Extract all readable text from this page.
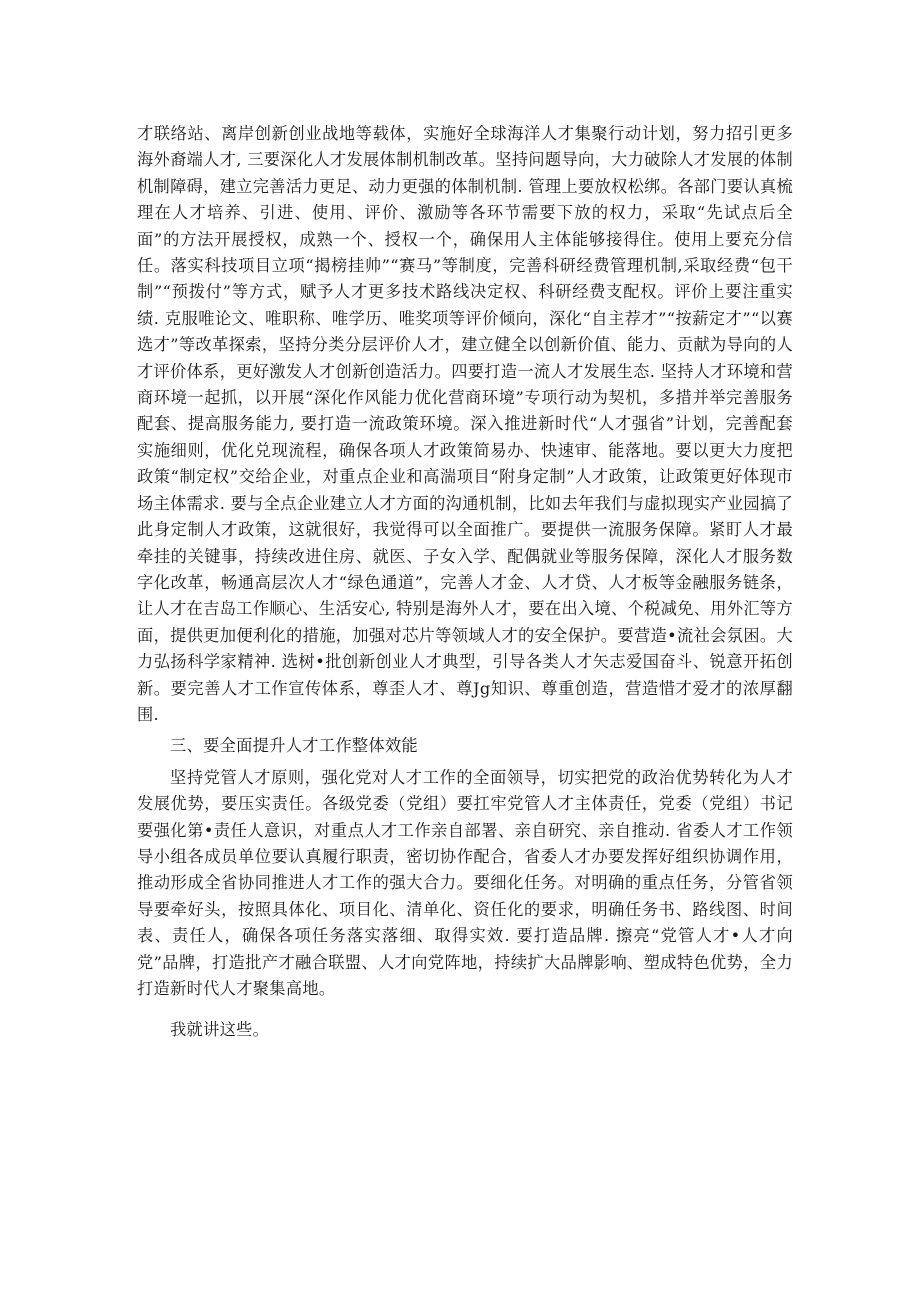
才联络站、离岸创新创业战地等载体，实施好全球海洋人才集聚行动计划，努力招引更多海外裔端人才, 三要深化人才发展体制机制改革。坚持问题导向，大力破除人才发展的体制机制障碍，建立完善活力更足、动力更强的体制机制. 管理上要放权松绑。各部门要认真梳理在人才培养、引进、使用、评价、激励等各环节需要下放的权力，采取“先试点后全面”的方法开展授权，成熟一个、授权一个，确保用人主体能够接得住。使用上要充分信任。落实科技项目立项“揭榜挂帅”“赛马”等制度，完善科研经费管理机制,采取经费“包干制”“预拨付”等方式，赋予人才更多技术路线决定权、科研经费支配权。评价上要注重实绩. 克服唯论文、唯职称、唯学历、唯奖项等评价倾向，深化“自主荐才”“按薪定才”“以赛选才”等改革探索，坚持分类分层评价人才，建立健全以创新价值、能力、贡献为导向的人才评价体系，更好激发人才创新创造活力。四要打造一流人才发展生态. 坚持人才环境和营商环境一起抓，以开展“深化作风能力优化营商环境”专项行动为契机，多措并举完善服务配套、提高服务能力, 要打造一流政策环境。深入推进新时代“人才强省”计划，完善配套实施细则，优化兑现流程，确保各项人才政策简易办、快速审、能落地。要以更大力度把政策“制定权”交给企业，对重点企业和高湍项目“附身定制”人才政策，让政策更好体现市场主体需求. 要与全点企业建立人才方面的沟通机制，比如去年我们与虚拟现实产业园搞了此身定制人才政策，这就很好，我觉得可以全面推广。要提供一流服务保障。紧盯人才最牵挂的关键事，持续改进住房、就医、子女入学、配偶就业等服务保障，深化人才服务数字化改革，畅通高层次人才“绿色通道”，完善人才金、人才贷、人才板等金融服务链条，让人才在吉岛工作顺心、生活安心, 特别是海外人才，要在出入境、个税减免、用外汇等方面，提供更加便利化的措施，加强对芯片等领域人才的安全保护。要营造•流社会氛困。大力弘扬科学家精神. 选树•批创新创业人才典型，引导各类人才矢志爱国奋斗、锐意开拓创新。要完善人才工作宣传体系，尊歪人才、尊Jg知识、尊重创造，营造惜才爱才的浓厚翻围.

三、要全面提升人才工作整体效能

坚持党管人才原则，强化党对人才工作的全面领导，切实把党的政治优势转化为人才发展优势，要压实责任。各级党委（党组）要扛牢党管人才主体责任，党委（党组）书记要强化第•责任人意识，对重点人才工作亲自部署、亲自研究、亲自推动. 省委人才工作领导小组各成员单位要认真履行职责，密切协作配合，省委人才办要发挥好组织协调作用，推动形成全省协同推进人才工作的强大合力。要细化任务。对明确的重点任务，分管省领导要牵好头，按照具体化、项目化、清单化、资任化的要求，明确任务书、路线图、时间表、责任人，确保各项任务落实落细、取得实效. 要打造品牌. 擦亮“党管人才•人才向党”品牌，打造批产才融合联盟、人才向党阵地，持续扩大品牌影响、塑成特色优势，全力打造新时代人才聚集高地。

我就讲这些。
